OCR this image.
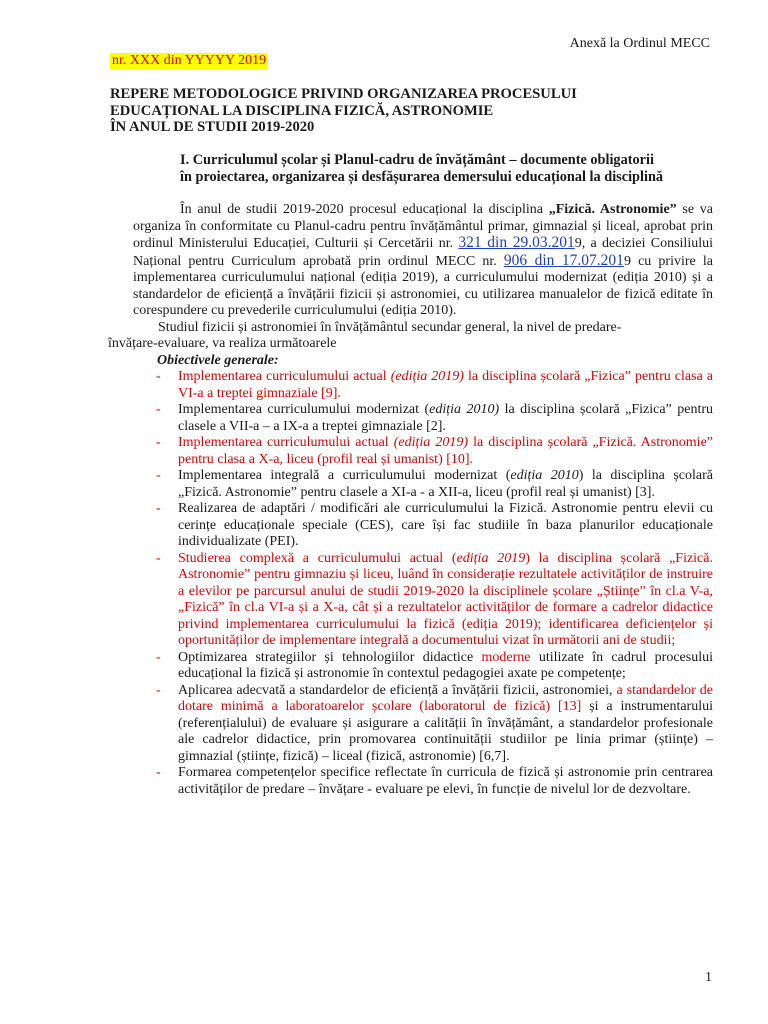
Anexă la Ordinul MECC
nr. XXX din YYYYY 2019
REPERE METODOLOGICE PRIVIND ORGANIZAREA PROCESULUI
EDUCAȚIONAL LA DISCIPLINA FIZICĂ, ASTRONOMIE
ÎN ANUL DE STUDII 2019-2020
I. Curriculumul școlar și Planul-cadru de învățământ – documente obligatorii
în proiectarea, organizarea și desfășurarea demersului educațional la disciplină

În anul de studii 2019-2020 procesul educațional la disciplina „Fizică. Astronomie” se va organiza în conformitate cu Planul-cadru pentru învățământul primar, gimnazial și liceal, aprobat prin ordinul Ministerului Educației, Culturii și Cercetării nr. 321 din 29.03.2019, a deciziei Consiliului Național pentru Curriculum aprobată prin ordinul MECC nr. 906 din 17.07.2019 cu privire la implementarea curriculumului național (ediția 2019), a curriculumului modernizat (ediția 2010) și a standardelor de eficiență a învățării fizicii și astronomiei, cu utilizarea manualelor de fizică editate în corespundere cu prevederile curriculumului (ediția 2010).

Studiul fizicii și astronomiei în învățământul secundar general, la nivel de predare-
învățare-evaluare, va realiza următoarele

Obiectivele generale:

- Implementarea curriculumului actual (ediția 2019) la disciplina școlară „Fizica” pentru clasa a VI-a a treptei gimnaziale [9].
- Implementarea curriculumului modernizat (ediția 2010) la disciplina școlară „Fizica” pentru clasele a VII-a – a IX-a a treptei gimnaziale [2].
- Implementarea curriculumului actual (ediția 2019) la disciplina școlară „Fizică. Astronomie” pentru clasa a X-a, liceu (profil real și umanist) [10].
- Implementarea integrală a curriculumului modernizat (ediția 2010) la disciplina școlară „Fizică. Astronomie” pentru clasele a XI-a - a XII-a, liceu (profil real și umanist) [3].
- Realizarea de adaptări / modificări ale curriculumului la Fizică. Astronomie pentru elevii cu cerințe educaționale speciale (CES), care își fac studiile în baza planurilor educaționale individualizate (PEI).
- Studierea complexă a curriculumului actual (ediția 2019) la disciplina școlară „Fizică. Astronomie” pentru gimnaziu și liceu, luând în considerație rezultatele activităților de instruire a elevilor pe parcursul anului de studii 2019-2020 la disciplinele școlare „Științe” în cl.a V-a, „Fizică” în cl.a VI-a și a X-a, cât și a rezultatelor activităților de formare a cadrelor didactice privind implementarea curriculumului la fizică (ediția 2019); identificarea deficiențelor și oportunităților de implementare integrală a documentului vizat în următorii ani de studii;
- Optimizarea strategiilor și tehnologiilor didactice moderne utilizate în cadrul procesului educațional la fizică și astronomie în contextul pedagogiei axate pe competențe;
- Aplicarea adecvată a standardelor de eficiență a învățării fizicii, astronomiei, a standardelor de dotare minimă a laboratoarelor școlare (laboratorul de fizică) [13] și a instrumentarului (referențialului) de evaluare și asigurare a calității în învățământ, a standardelor profesionale ale cadrelor didactice, prin promovarea continuității studiilor pe linia primar (științe) – gimnazial (științe, fizică) – liceal (fizică, astronomie) [6,7].
- Formarea competențelor specifice reflectate în curricula de fizică și astronomie prin centrarea activităților de predare – învățare - evaluare pe elevi, în funcție de nivelul lor de dezvoltare.
1
